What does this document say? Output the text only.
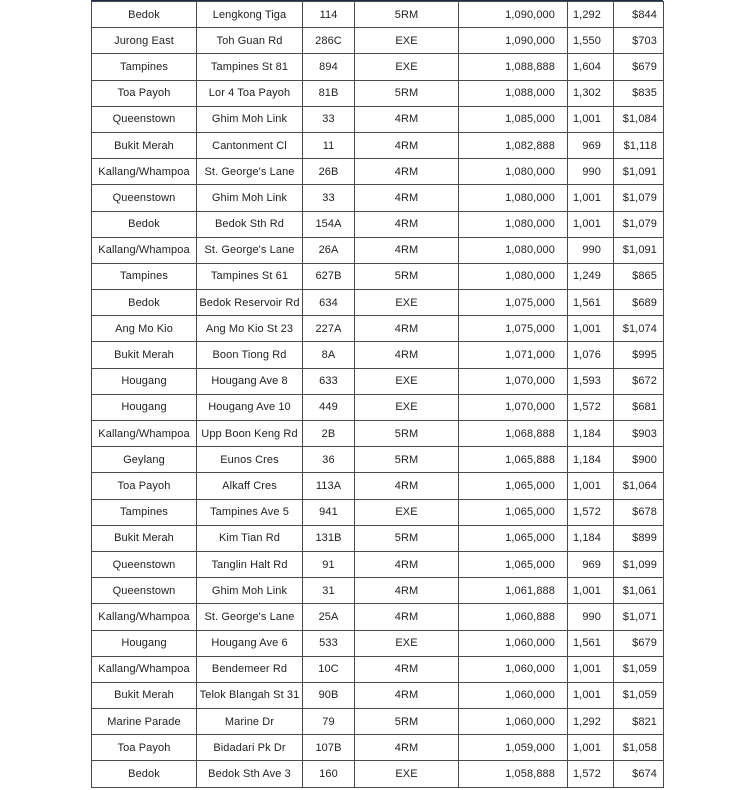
Bedok	Lengkong Tiga	114	5RM	1,090,000	1,292	$844
Jurong East	Toh Guan Rd	286C	EXE	1,090,000	1,550	$703
Tampines	Tampines St 81	894	EXE	1,088,888	1,604	$679
Toa Payoh	Lor 4 Toa Payoh	81B	5RM	1,088,000	1,302	$835
Queenstown	Ghim Moh Link	33	4RM	1,085,000	1,001	$1,084
Bukit Merah	Cantonment Cl	11	4RM	1,082,888	969	$1,118
Kallang/Whampoa	St. George's Lane	26B	4RM	1,080,000	990	$1,091
Queenstown	Ghim Moh Link	33	4RM	1,080,000	1,001	$1,079
Bedok	Bedok Sth Rd	154A	4RM	1,080,000	1,001	$1,079
Kallang/Whampoa	St. George's Lane	26A	4RM	1,080,000	990	$1,091
Tampines	Tampines St 61	627B	5RM	1,080,000	1,249	$865
Bedok	Bedok Reservoir Rd	634	EXE	1,075,000	1,561	$689
Ang Mo Kio	Ang Mo Kio St 23	227A	4RM	1,075,000	1,001	$1,074
Bukit Merah	Boon Tiong Rd	8A	4RM	1,071,000	1,076	$995
Hougang	Hougang Ave 8	633	EXE	1,070,000	1,593	$672
Hougang	Hougang Ave 10	449	EXE	1,070,000	1,572	$681
Kallang/Whampoa	Upp Boon Keng Rd	2B	5RM	1,068,888	1,184	$903
Geylang	Eunos Cres	36	5RM	1,065,888	1,184	$900
Toa Payoh	Alkaff Cres	113A	4RM	1,065,000	1,001	$1,064
Tampines	Tampines Ave 5	941	EXE	1,065,000	1,572	$678
Bukit Merah	Kim Tian Rd	131B	5RM	1,065,000	1,184	$899
Queenstown	Tanglin Halt Rd	91	4RM	1,065,000	969	$1,099
Queenstown	Ghim Moh Link	31	4RM	1,061,888	1,001	$1,061
Kallang/Whampoa	St. George's Lane	25A	4RM	1,060,888	990	$1,071
Hougang	Hougang Ave 6	533	EXE	1,060,000	1,561	$679
Kallang/Whampoa	Bendemeer Rd	10C	4RM	1,060,000	1,001	$1,059
Bukit Merah	Telok Blangah St 31	90B	4RM	1,060,000	1,001	$1,059
Marine Parade	Marine Dr	79	5RM	1,060,000	1,292	$821
Toa Payoh	Bidadari Pk Dr	107B	4RM	1,059,000	1,001	$1,058
Bedok	Bedok Sth Ave 3	160	EXE	1,058,888	1,572	$674
